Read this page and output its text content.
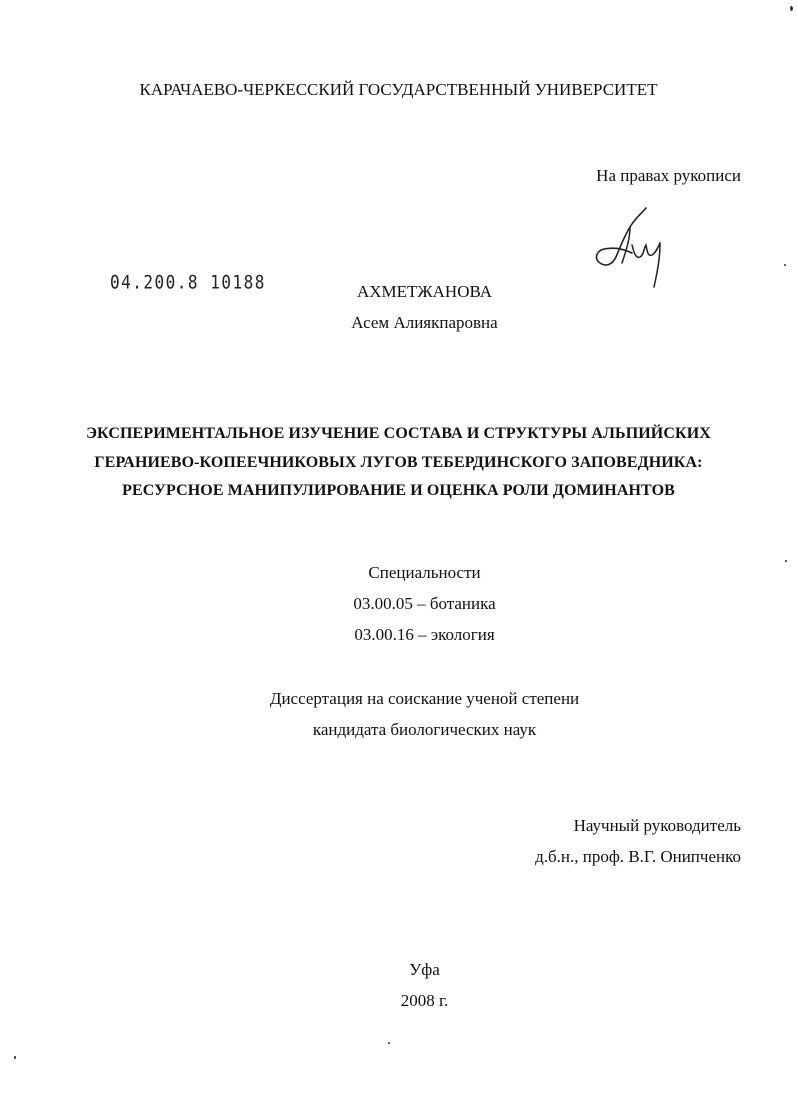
КАРАЧАЕВО-ЧЕРКЕССКИЙ ГОСУДАРСТВЕННЫЙ УНИВЕРСИТЕТ
На правах рукописи
04.200.8 10188	АХМЕТЖАНОВА
Асем Алиякпаровна
ЭКСПЕРИМЕНТАЛЬНОЕ ИЗУЧЕНИЕ СОСТАВА И СТРУКТУРЫ АЛЬПИЙСКИХ
ГЕРАНИЕВО-КОПЕЕЧНИКОВЫХ ЛУГОВ ТЕБЕРДИНСКОГО ЗАПОВЕДНИКА:
РЕСУРСНОЕ МАНИПУЛИРОВАНИЕ И ОЦЕНКА РОЛИ ДОМИНАНТОВ
Специальности
03.00.05 – ботаника
03.00.16 – экология
Диссертация на соискание ученой степени
кандидата биологических наук
Научный руководитель
д.б.н., проф. В.Г. Онипченко
Уфа
2008 г.
